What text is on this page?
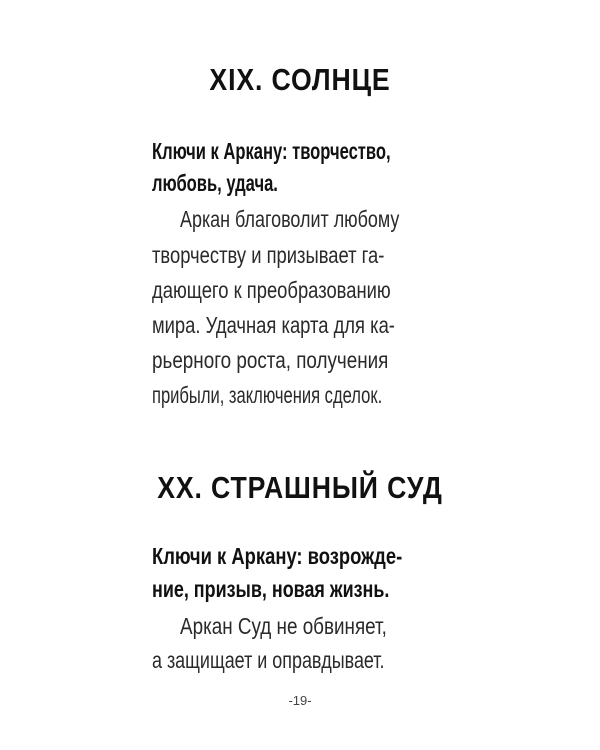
XIX. СОЛНЦЕ
Ключи к Аркану: творчество,
любовь, удача.
Аркан благоволит любому
творчеству и призывает га-
дающего к преобразованию
мира. Удачная карта для ка-
рьерного роста, получения
прибыли, заключения сделок.
XX. СТРАШНЫЙ СУД
Ключи к Аркану: возрожде-
ние, призыв, новая жизнь.
Аркан Суд не обвиняет,
а защищает и оправдывает.
-19-
